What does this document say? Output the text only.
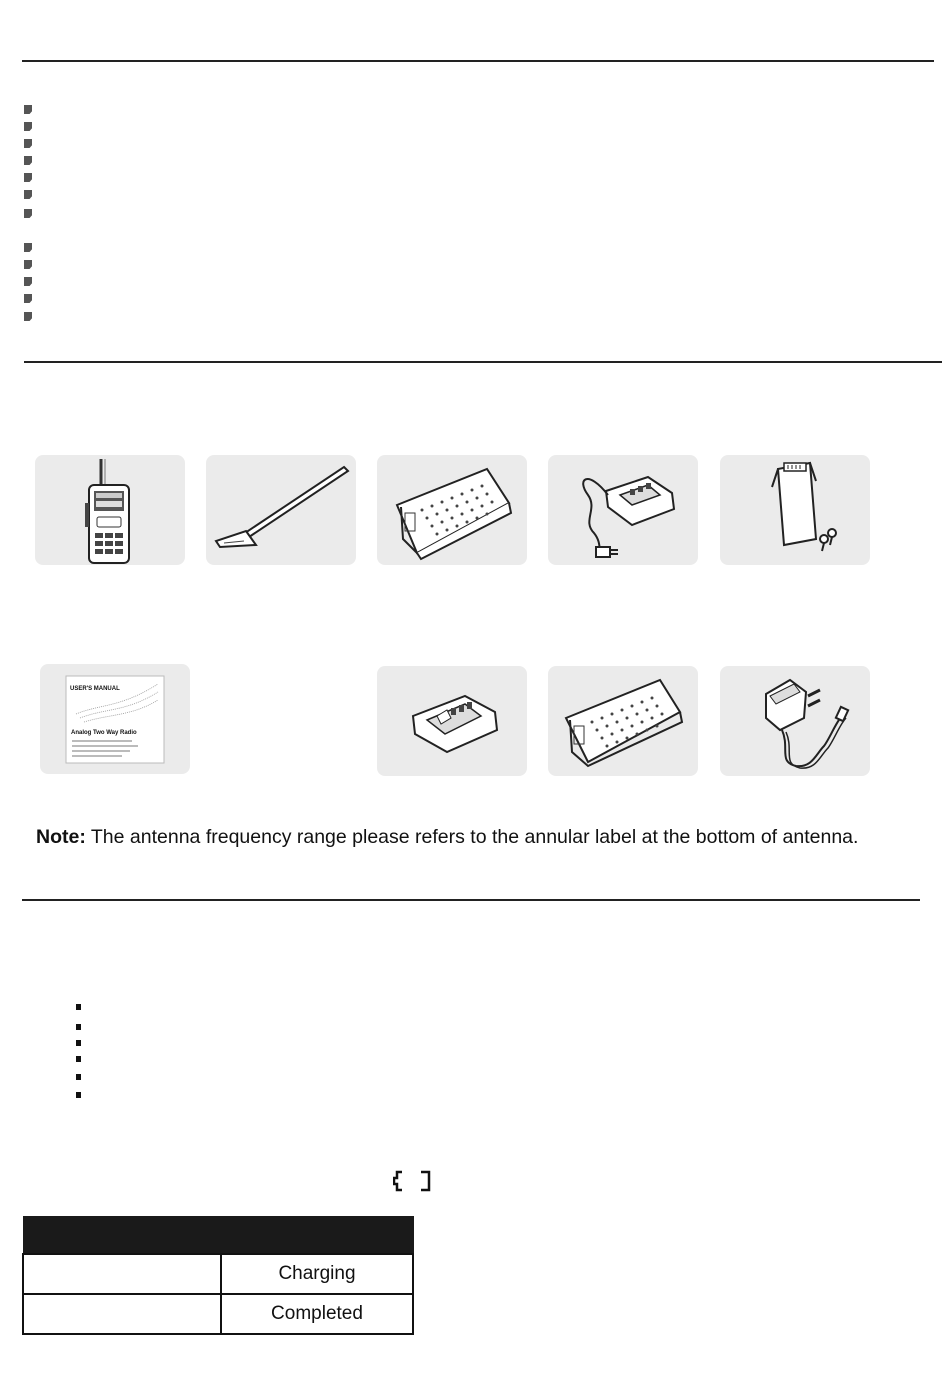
USER'S MANUAL
Analog Two Way Radio
Note: The antenna frequency range please refers to the annular label at the bottom of antenna.

	Charging
	Completed
